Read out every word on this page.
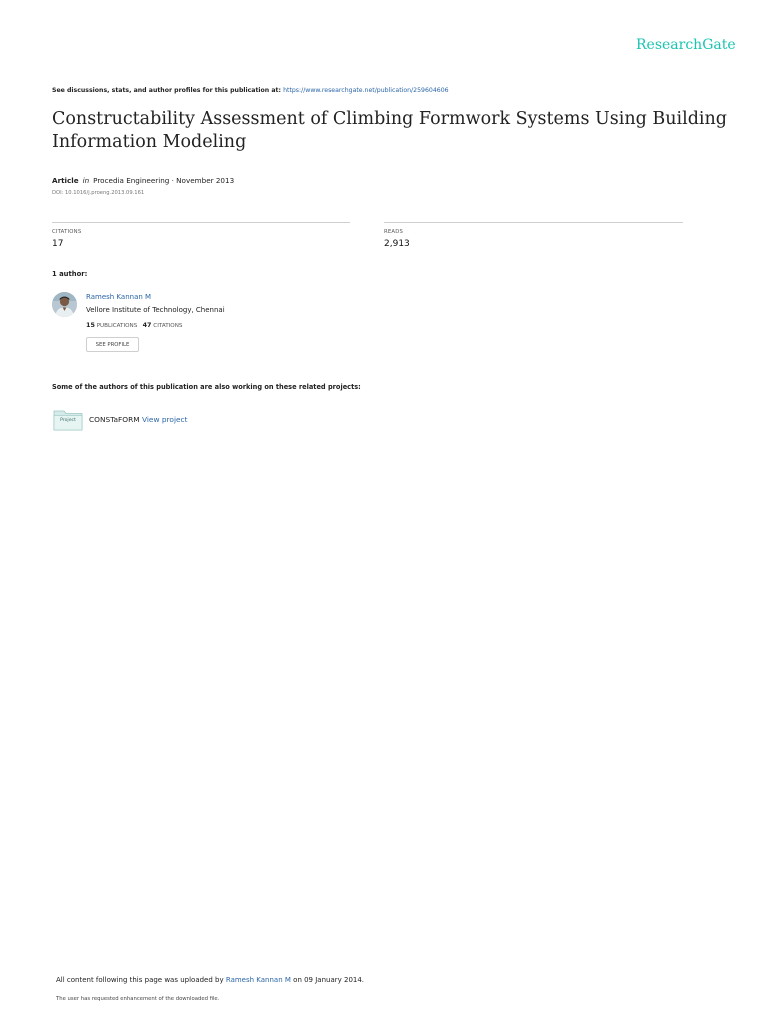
ResearchGate
See discussions, stats, and author profiles for this publication at: https://www.researchgate.net/publication/259604606
Constructability Assessment of Climbing Formwork Systems Using Building Information Modeling
Article in Procedia Engineering · November 2013
DOI: 10.1016/j.proeng.2013.09.161
CITATIONS
17
READS
2,913
1 author:
Ramesh Kannan M
Vellore Institute of Technology, Chennai
15 PUBLICATIONS 47 CITATIONS
SEE PROFILE
Some of the authors of this publication are also working on these related projects:
Project	CONSTaFORM View project
All content following this page was uploaded by Ramesh Kannan M on 09 January 2014.
The user has requested enhancement of the downloaded file.
